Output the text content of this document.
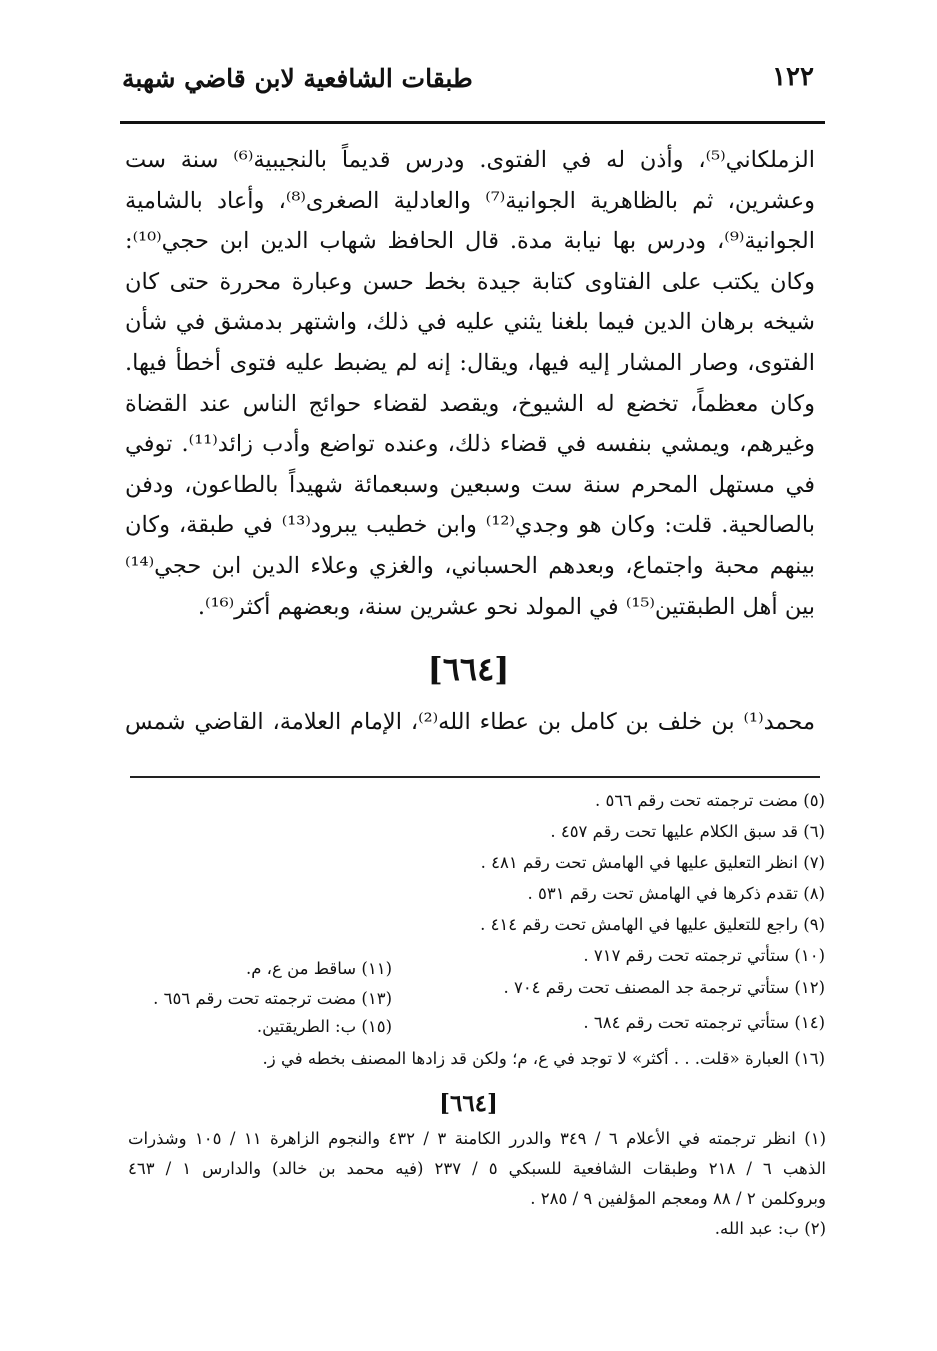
١٢٢
طبقات الشافعية لابن قاضي شهبة

الزملكاني⁽⁵⁾، وأذن له في الفتوى. ودرس قديماً بالنجيبية⁽⁶⁾ سنة ست وعشرين، ثم بالظاهرية الجوانية⁽⁷⁾ والعادلية الصغرى⁽⁸⁾، وأعاد بالشامية الجوانية⁽⁹⁾، ودرس بها نيابة مدة. قال الحافظ شهاب الدين ابن حجي⁽¹⁰⁾: وكان يكتب على الفتاوى كتابة جيدة بخط حسن وعبارة محررة حتى كان شيخه برهان الدين فيما بلغنا يثني عليه في ذلك، واشتهر بدمشق في شأن الفتوى، وصار المشار إليه فيها، ويقال: إنه لم يضبط عليه فتوى أخطأ فيها. وكان معظماً، تخضع له الشيوخ، ويقصد لقضاء حوائج الناس عند القضاة وغيرهم، ويمشي بنفسه في قضاء ذلك، وعنده تواضع وأدب زائد⁽¹¹⁾. توفي في مستهل المحرم سنة ست وسبعين وسبعمائة شهيداً بالطاعون، ودفن بالصالحية. قلت: وكان هو وجدي⁽¹²⁾ وابن خطيب يبرود⁽¹³⁾ في طبقة، وكان بينهم محبة واجتماع، وبعدهم الحسباني، والغزي وعلاء الدين ابن حجي⁽¹⁴⁾ بين أهل الطبقتين⁽¹⁵⁾ في المولد نحو عشرين سنة، وبعضهم أكثر⁽¹⁶⁾.

[٦٦٤]
محمد⁽¹⁾ بن خلف بن كامل بن عطاء الله⁽²⁾، الإمام العلامة، القاضي شمس
(٥) مضت ترجمته تحت رقم ٥٦٦ .
(٦) قد سبق الكلام عليها تحت رقم ٤٥٧ .
(٧) انظر التعليق عليها في الهامش تحت رقم ٤٨١ .
(٨) تقدم ذكرها في الهامش تحت رقم ٥٣١ .
(٩) راجع للتعليق عليها في الهامش تحت رقم ٤١٤ .
(١٠) ستأتي ترجمته تحت رقم ٧١٧ .
(١٢) ستأتي ترجمة جد المصنف تحت رقم ٧٠٤ .
(١٤) ستأتي ترجمته تحت رقم ٦٨٤ .
(١١) ساقط من ع، م.
(١٣) مضت ترجمته تحت رقم ٦٥٦ .
(١٥) ب: الطريقتين.
(١٦) العبارة «قلت. . . أكثر» لا توجد في ع، م؛ ولكن قد زادها المصنف بخطه في ز.
[٦٦٤]

(١) انظر ترجمته في الأعلام ٦ / ٣٤٩ والدرر الكامنة ٣ / ٤٣٢ والنجوم الزاهرة ١١ / ١٠٥ وشذرات

الذهب ٦ / ٢١٨ وطبقات الشافعية للسبكي ٥ / ٢٣٧ (فيه محمد بن خالد) والدارس ١ / ٤٦٣

وبروكلمن ٢ / ٨٨ ومعجم المؤلفين ٩ / ٢٨٥ .

(٢) ب: عبد الله.
